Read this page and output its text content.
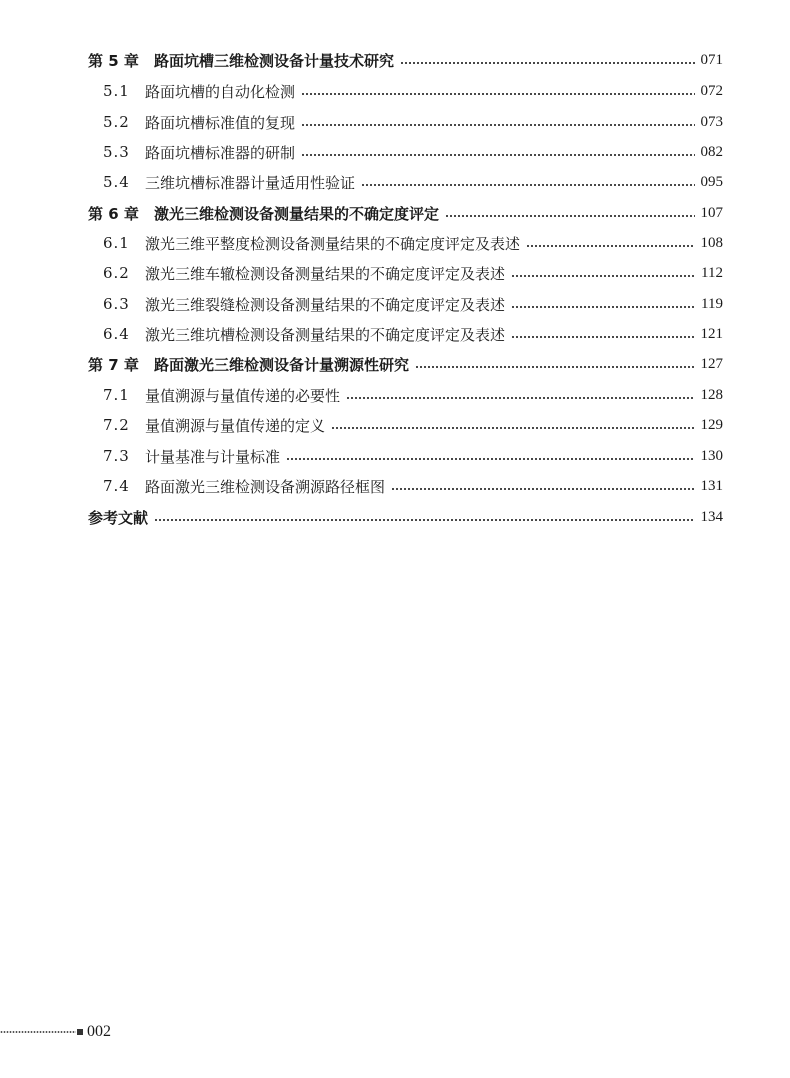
第 5 章	路面坑槽三维检测设备计量技术研究	071
5.1	路面坑槽的自动化检测	072
5.2	路面坑槽标准值的复现	073
5.3	路面坑槽标准器的研制	082
5.4	三维坑槽标准器计量适用性验证	095
第 6 章	激光三维检测设备测量结果的不确定度评定	107
6.1	激光三维平整度检测设备测量结果的不确定度评定及表述	108
6.2	激光三维车辙检测设备测量结果的不确定度评定及表述	112
6.3	激光三维裂缝检测设备测量结果的不确定度评定及表述	119
6.4	激光三维坑槽检测设备测量结果的不确定度评定及表述	121
第 7 章	路面激光三维检测设备计量溯源性研究	127
7.1	量值溯源与量值传递的必要性	128
7.2	量值溯源与量值传递的定义	129
7.3	计量基准与计量标准	130
7.4	路面激光三维检测设备溯源路径框图	131
参考文献	134
002
